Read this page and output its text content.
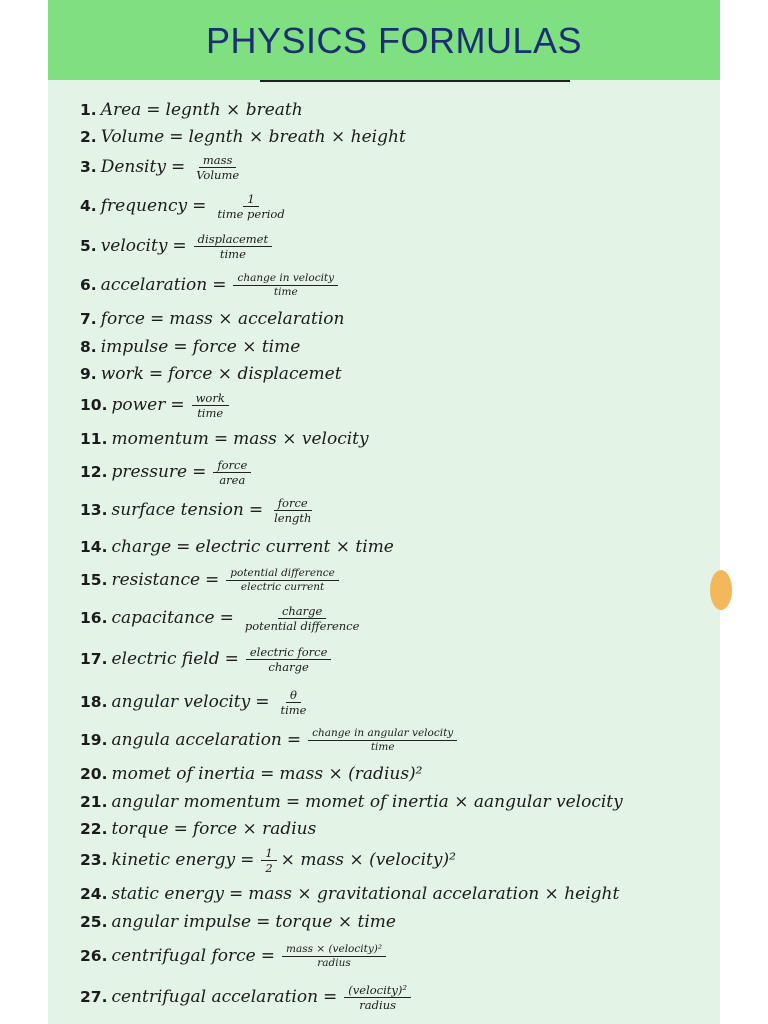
PHYSICS FORMULAS
1. Area = legnth × breath
2. Volume = legnth × breath × height
3. Density = $\frac{\text{mass}}{\text{Volume}}$
4. frequency = $\frac{1}{\text{time period}}$
5. velocity = $\frac{\text{displacemet}}{\text{time}}$
6. accelaration = $\frac{\text{change in velocity}}{\text{time}}$
7. force = mass × accelaration
8. impulse = force × time
9. work = force × displacemet
10. power = $\frac{\text{work}}{\text{time}}$
11. momentum = mass × velocity
12. pressure = $\frac{\text{force}}{\text{area}}$
13. surface tension = $\frac{\text{force}}{\text{length}}$
14. charge = electric current × time
15. resistance = $\frac{\text{potential difference}}{\text{electric current}}$
16. capacitance = $\frac{\text{charge}}{\text{potential difference}}$
17. electric field = $\frac{\text{electric force}}{\text{charge}}$
18. angular velocity = $\frac{\theta}{\text{time}}$
19. angula accelaration = $\frac{\text{change in angular velocity}}{\text{time}}$
20. momet of inertia = mass × (radius)²
21. angular momentum = momet of inertia × aangular velocity
22. torque = force × radius
23. kinetic energy = $\frac{1}{2}$ × mass × (velocity)²
24. static energy = mass × gravitational accelaration × height
25. angular impulse = torque × time
26. centrifugal force = $\frac{\text{mass × (velocity)²}}{\text{radius}}$
27. centrifugal accelaration = $\frac{\text{(velocity)²}}{\text{radius}}$
